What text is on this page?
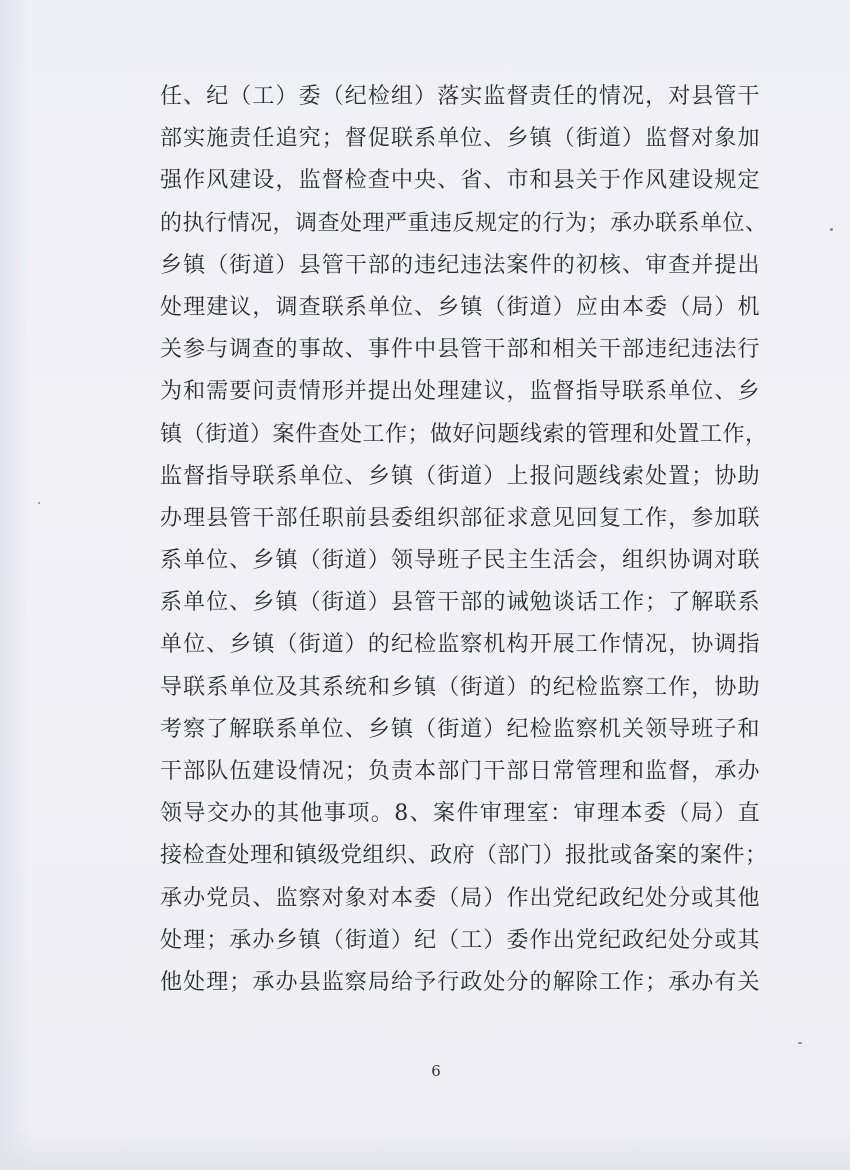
任、纪（工）委（纪检组）落实监督责任的情况，对县管干
部实施责任追究；督促联系单位、乡镇（街道）监督对象加
强作风建设，监督检查中央、省、市和县关于作风建设规定
的执行情况，调查处理严重违反规定的行为；承办联系单位、
乡镇（街道）县管干部的违纪违法案件的初核、审查并提出
处理建议，调查联系单位、乡镇（街道）应由本委（局）机
关参与调查的事故、事件中县管干部和相关干部违纪违法行
为和需要问责情形并提出处理建议，监督指导联系单位、乡
镇（街道）案件查处工作；做好问题线索的管理和处置工作，
监督指导联系单位、乡镇（街道）上报问题线索处置；协助
办理县管干部任职前县委组织部征求意见回复工作，参加联
系单位、乡镇（街道）领导班子民主生活会，组织协调对联
系单位、乡镇（街道）县管干部的诫勉谈话工作；了解联系
单位、乡镇（街道）的纪检监察机构开展工作情况，协调指
导联系单位及其系统和乡镇（街道）的纪检监察工作，协助
考察了解联系单位、乡镇（街道）纪检监察机关领导班子和
干部队伍建设情况；负责本部门干部日常管理和监督，承办
领导交办的其他事项。8、案件审理室：审理本委（局）直
接检查处理和镇级党组织、政府（部门）报批或备案的案件；
承办党员、监察对象对本委（局）作出党纪政纪处分或其他
处理；承办乡镇（街道）纪（工）委作出党纪政纪处分或其
他处理；承办县监察局给予行政处分的解除工作；承办有关
6
